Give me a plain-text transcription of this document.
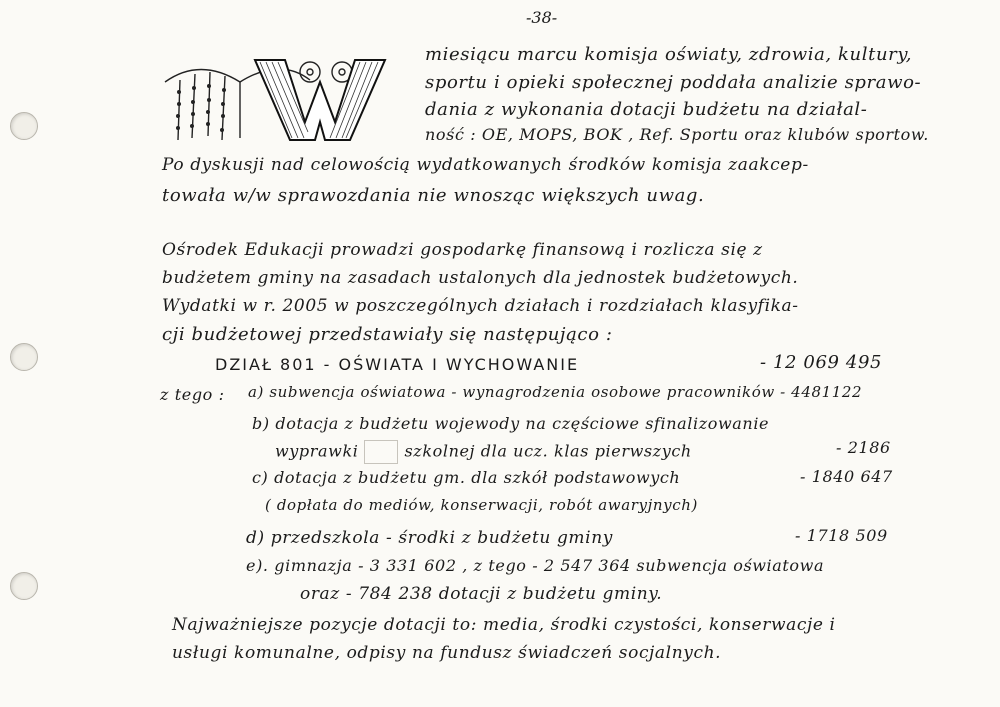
-38-
miesiącu marcu komisja oświaty, zdrowia, kultury,
sportu i opieki społecznej poddała analizie sprawo-
dania z wykonania dotacji budżetu na działal-
ność : OE, MOPS, BOK , Ref. Sportu oraz klubów sportow.
Po dyskusji nad celowością wydatkowanych środków komisja zaakcep-
towała w/w sprawozdania nie wnosząc większych uwag.
Ośrodek Edukacji prowadzi gospodarkę finansową i rozlicza się z
budżetem gminy na zasadach ustalonych dla jednostek budżetowych.
Wydatki w r. 2005 w poszczególnych działach i rozdziałach klasyfika-
cji budżetowej przedstawiały się następująco :
DZIAŁ 801 - OŚWIATA I WYCHOWANIE	- 12 069 495
z tego : a) subwencja oświatowa - wynagrodzenia osobowe pracowników - 4481122
b) dotacja z budżetu wojewody na częściowe sfinalizowanie
wyprawki	szkolnej dla ucz. klas pierwszych	- 2186
c) dotacja z budżetu gm. dla szkół podstawowych	- 1840 647
( dopłata do mediów, konserwacji, robót awaryjnych)
d) przedszkola - środki z budżetu gminy	- 1718 509
e). gimnazja - 3 331 602 , z tego - 2 547 364 subwencja oświatowa
oraz - 784 238 dotacji z budżetu gminy.
Najważniejsze pozycje dotacji to: media, środki czystości, konserwacje i
usługi komunalne, odpisy na fundusz świadczeń socjalnych.
